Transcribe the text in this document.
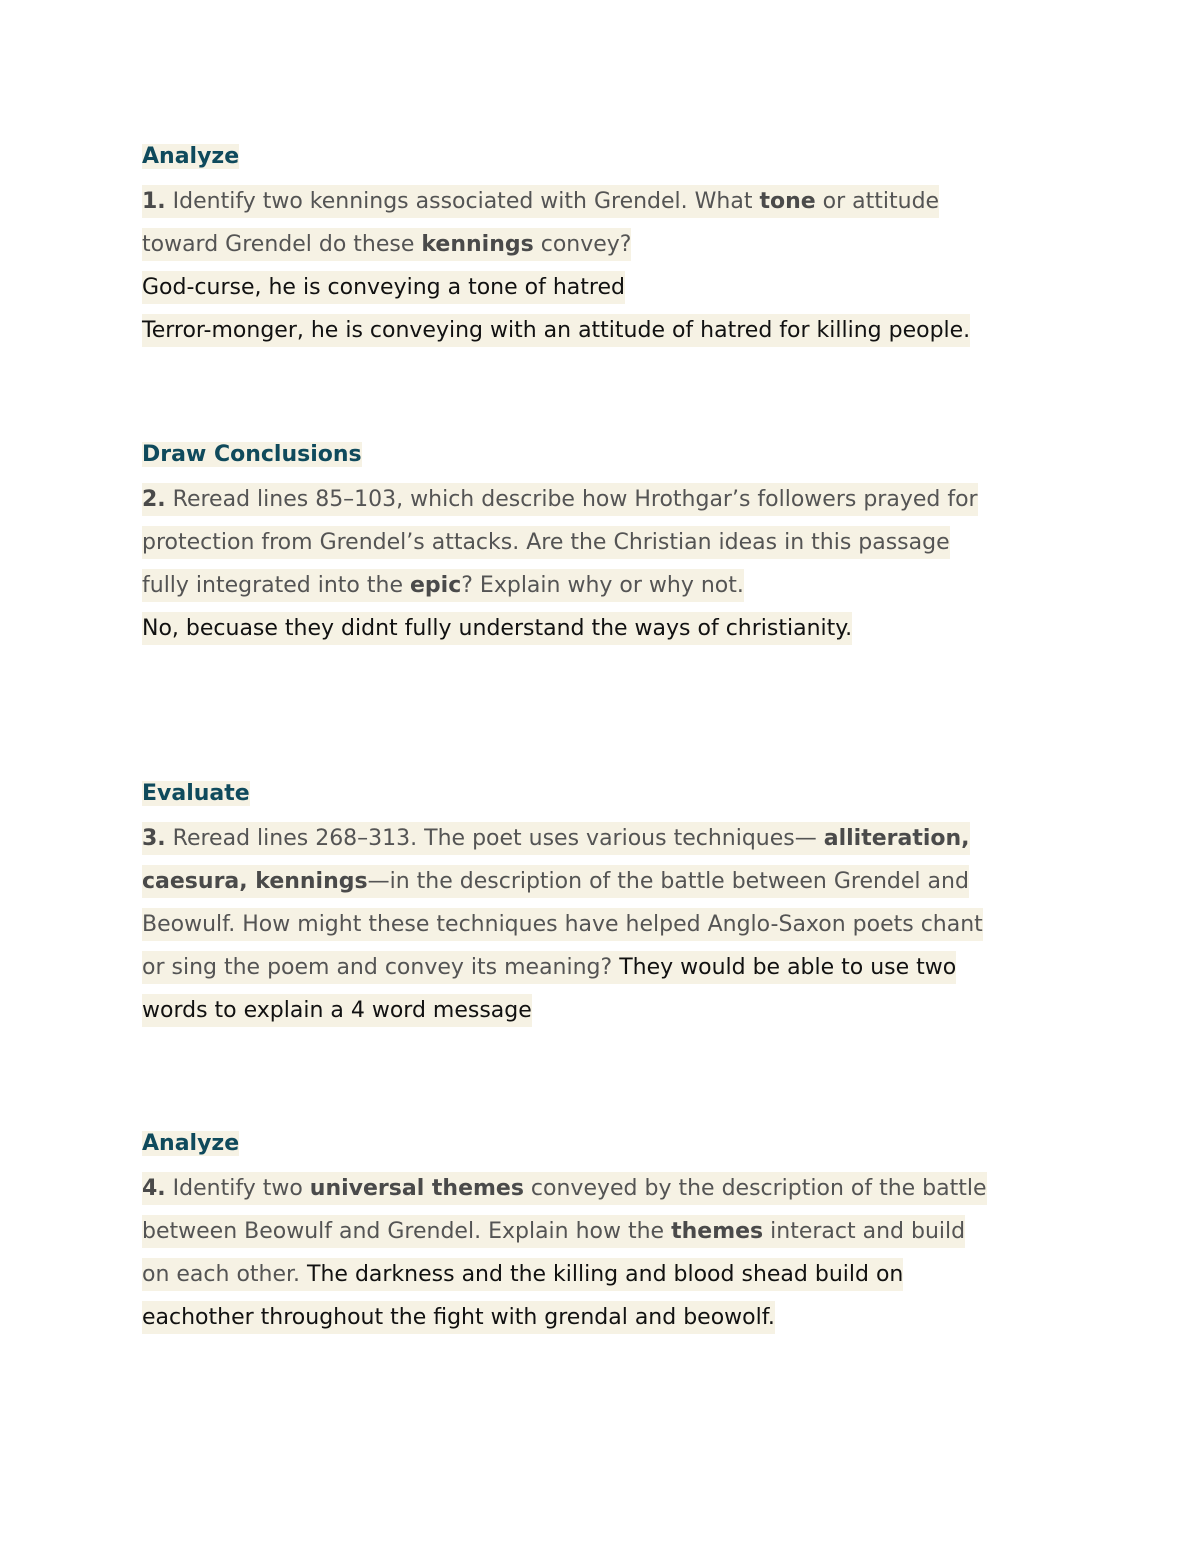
Analyze
1. Identify two kennings associated with Grendel. What tone or attitude
toward Grendel do these kennings convey?
God-curse, he is conveying a tone of hatred
Terror-monger, he is conveying with an attitude of hatred for killing people.
Draw Conclusions
2. Reread lines 85–103, which describe how Hrothgar’s followers prayed for
protection from Grendel’s attacks. Are the Christian ideas in this passage
fully integrated into the epic? Explain why or why not.
No, becuase they didnt fully understand the ways of christianity.
Evaluate
3. Reread lines 268–313. The poet uses various techniques— alliteration,
caesura, kennings—in the description of the battle between Grendel and
Beowulf. How might these techniques have helped Anglo-Saxon poets chant
or sing the poem and convey its meaning? They would be able to use two
words to explain a 4 word message
Analyze
4. Identify two universal themes conveyed by the description of the battle
between Beowulf and Grendel. Explain how the themes interact and build
on each other. The darkness and the killing and blood shead build on
eachother throughout the fight with grendal and beowolf.
